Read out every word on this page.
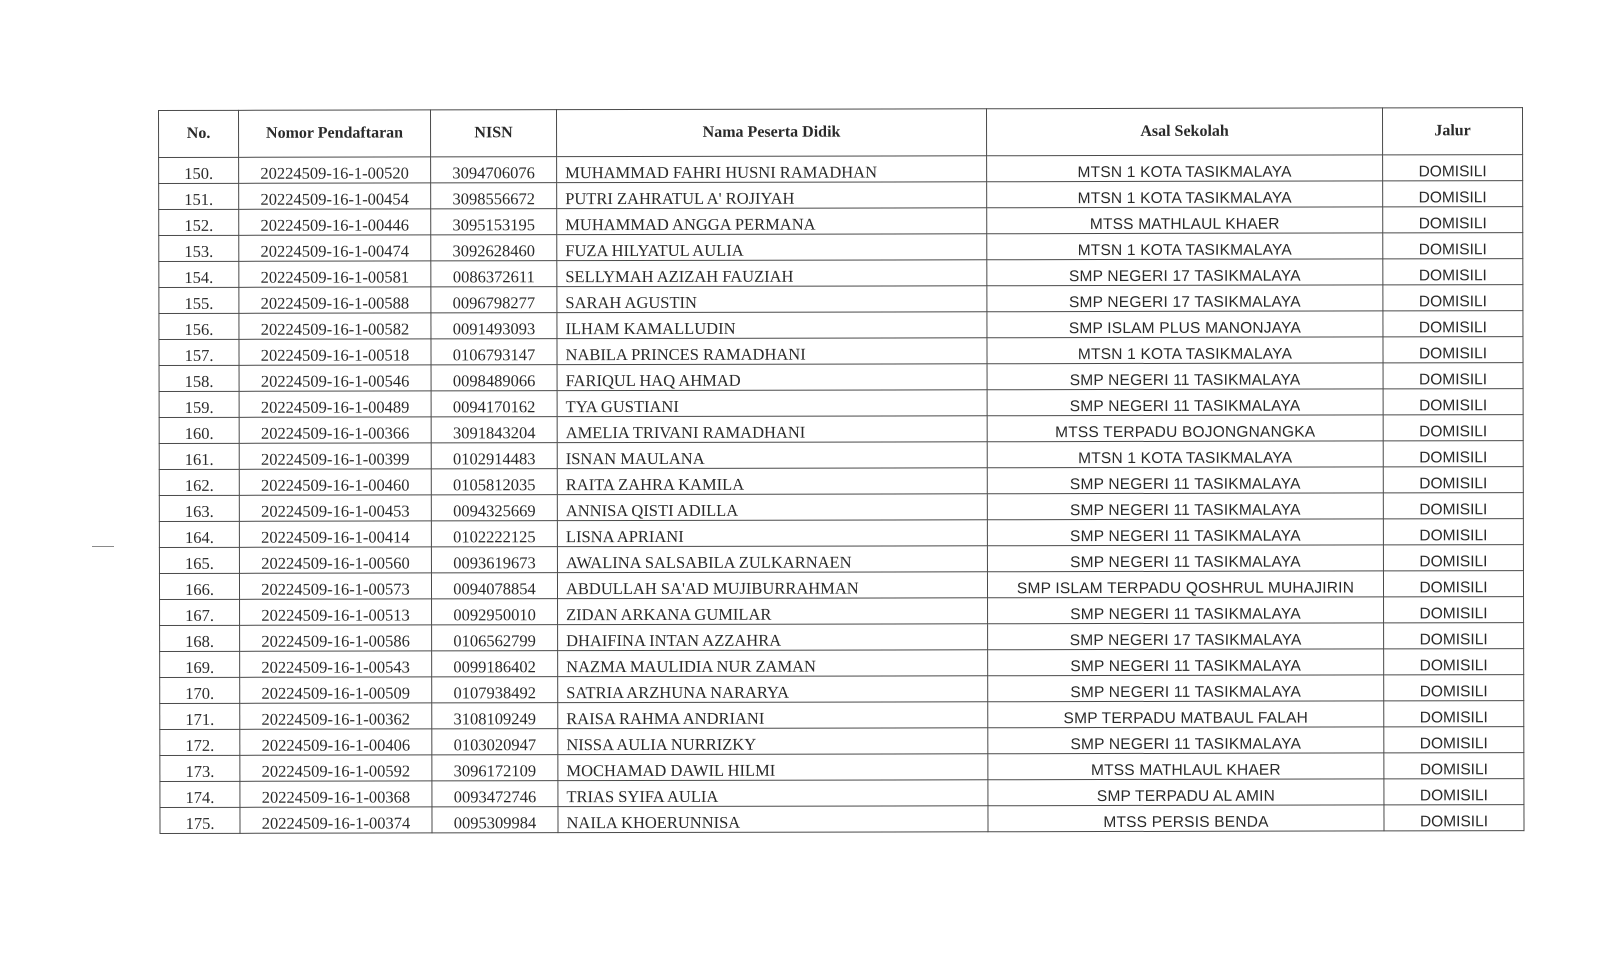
No.	Nomor Pendaftaran	NISN	Nama Peserta Didik	Asal Sekolah	Jalur
150.	20224509-16-1-00520	3094706076	MUHAMMAD FAHRI HUSNI RAMADHAN	MTSN 1 KOTA TASIKMALAYA	DOMISILI
151.	20224509-16-1-00454	3098556672	PUTRI ZAHRATUL A' ROJIYAH	MTSN 1 KOTA TASIKMALAYA	DOMISILI
152.	20224509-16-1-00446	3095153195	MUHAMMAD ANGGA PERMANA	MTSS MATHLAUL KHAER	DOMISILI
153.	20224509-16-1-00474	3092628460	FUZA HILYATUL AULIA	MTSN 1 KOTA TASIKMALAYA	DOMISILI
154.	20224509-16-1-00581	0086372611	SELLYMAH AZIZAH FAUZIAH	SMP NEGERI 17 TASIKMALAYA	DOMISILI
155.	20224509-16-1-00588	0096798277	SARAH AGUSTIN	SMP NEGERI 17 TASIKMALAYA	DOMISILI
156.	20224509-16-1-00582	0091493093	ILHAM KAMALLUDIN	SMP ISLAM PLUS MANONJAYA	DOMISILI
157.	20224509-16-1-00518	0106793147	NABILA PRINCES RAMADHANI	MTSN 1 KOTA TASIKMALAYA	DOMISILI
158.	20224509-16-1-00546	0098489066	FARIQUL HAQ AHMAD	SMP NEGERI 11 TASIKMALAYA	DOMISILI
159.	20224509-16-1-00489	0094170162	TYA GUSTIANI	SMP NEGERI 11 TASIKMALAYA	DOMISILI
160.	20224509-16-1-00366	3091843204	AMELIA TRIVANI RAMADHANI	MTSS TERPADU BOJONGNANGKA	DOMISILI
161.	20224509-16-1-00399	0102914483	ISNAN MAULANA	MTSN 1 KOTA TASIKMALAYA	DOMISILI
162.	20224509-16-1-00460	0105812035	RAITA ZAHRA KAMILA	SMP NEGERI 11 TASIKMALAYA	DOMISILI
163.	20224509-16-1-00453	0094325669	ANNISA QISTI ADILLA	SMP NEGERI 11 TASIKMALAYA	DOMISILI
164.	20224509-16-1-00414	0102222125	LISNA APRIANI	SMP NEGERI 11 TASIKMALAYA	DOMISILI
165.	20224509-16-1-00560	0093619673	AWALINA SALSABILA ZULKARNAEN	SMP NEGERI 11 TASIKMALAYA	DOMISILI
166.	20224509-16-1-00573	0094078854	ABDULLAH SA'AD MUJIBURRAHMAN	SMP ISLAM TERPADU QOSHRUL MUHAJIRIN	DOMISILI
167.	20224509-16-1-00513	0092950010	ZIDAN ARKANA GUMILAR	SMP NEGERI 11 TASIKMALAYA	DOMISILI
168.	20224509-16-1-00586	0106562799	DHAIFINA INTAN AZZAHRA	SMP NEGERI 17 TASIKMALAYA	DOMISILI
169.	20224509-16-1-00543	0099186402	NAZMA MAULIDIA NUR ZAMAN	SMP NEGERI 11 TASIKMALAYA	DOMISILI
170.	20224509-16-1-00509	0107938492	SATRIA ARZHUNA NARARYA	SMP NEGERI 11 TASIKMALAYA	DOMISILI
171.	20224509-16-1-00362	3108109249	RAISA RAHMA ANDRIANI	SMP TERPADU MATBAUL FALAH	DOMISILI
172.	20224509-16-1-00406	0103020947	NISSA AULIA NURRIZKY	SMP NEGERI 11 TASIKMALAYA	DOMISILI
173.	20224509-16-1-00592	3096172109	MOCHAMAD DAWIL HILMI	MTSS MATHLAUL KHAER	DOMISILI
174.	20224509-16-1-00368	0093472746	TRIAS SYIFA AULIA	SMP TERPADU AL AMIN	DOMISILI
175.	20224509-16-1-00374	0095309984	NAILA KHOERUNNISA	MTSS PERSIS BENDA	DOMISILI
